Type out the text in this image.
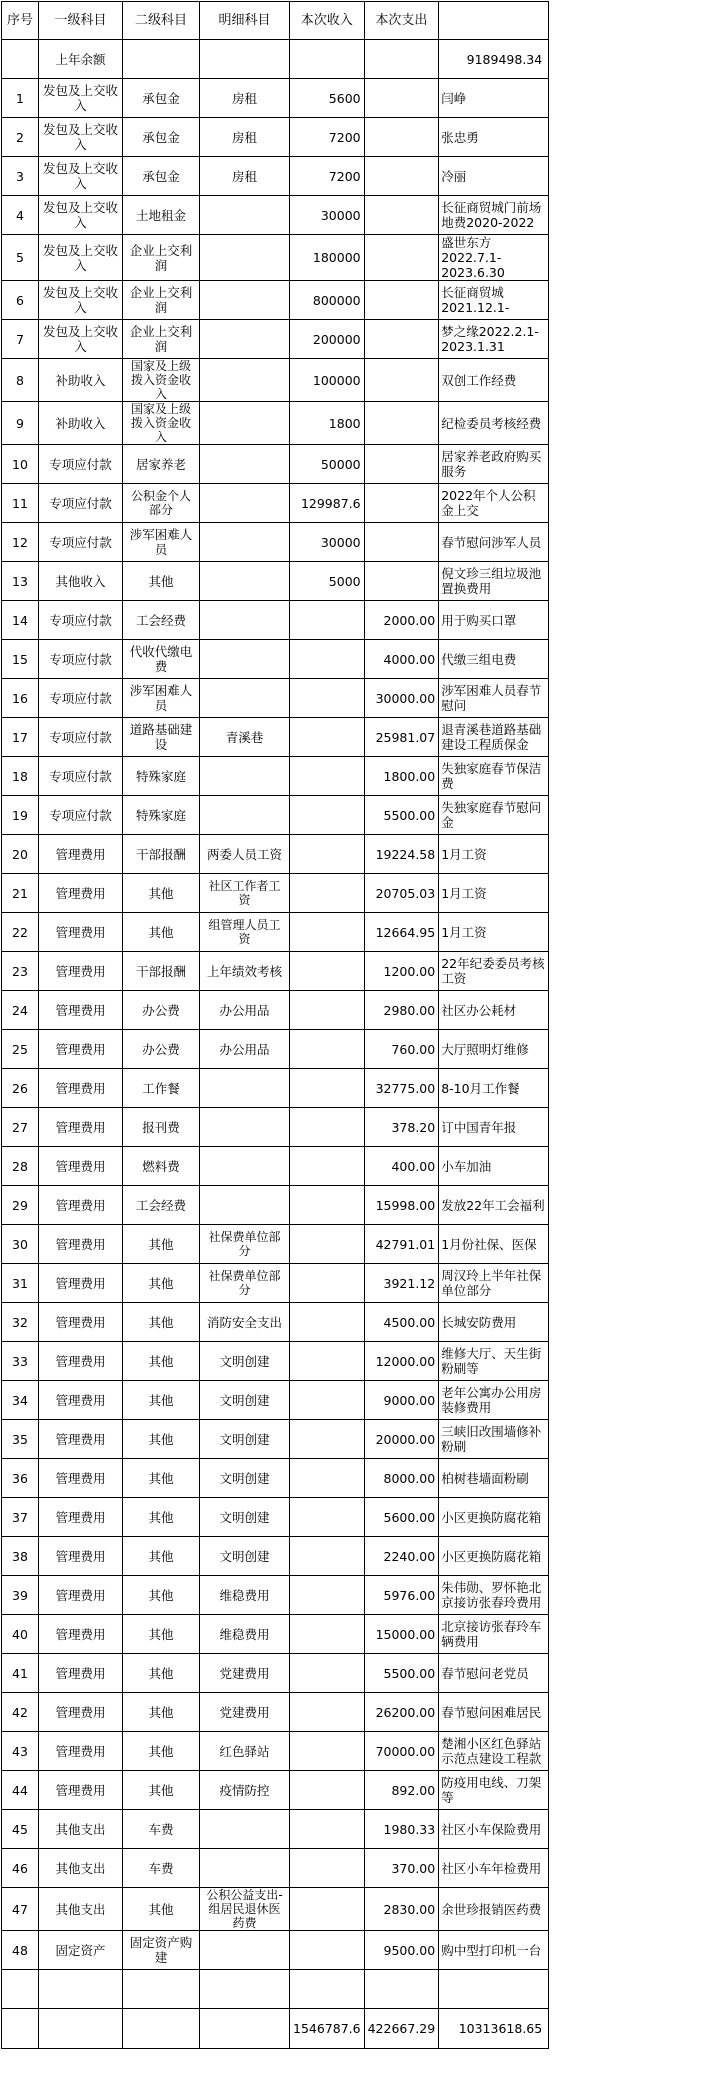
序号	一级科目	二级科目	明细科目	本次收入	本次支出	
	上年余额					9189498.34
1	发包及上交收入	承包金	房租	5600		闫峥
2	发包及上交收入	承包金	房租	7200		张忠勇
3	发包及上交收入	承包金	房租	7200		冷丽
4	发包及上交收入	土地租金		30000		长征商贸城门前场地费2020-2022
5	发包及上交收入	企业上交利润		180000		盛世东方2022.7.1-2023.6.30
6	发包及上交收入	企业上交利润		800000		长征商贸城2021.12.1-
7	发包及上交收入	企业上交利润		200000		梦之缘2022.2.1-2023.1.31
8	补助收入	国家及上级拨入资金收入		100000		双创工作经费
9	补助收入	国家及上级拨入资金收入		1800		纪检委员考核经费
10	专项应付款	居家养老		50000		居家养老政府购买服务
11	专项应付款	公积金个人部分		129987.6		2022年个人公积金上交
12	专项应付款	涉军困难人员		30000		春节慰问涉军人员
13	其他收入	其他		5000		倪文珍三组垃圾池置换费用
14	专项应付款	工会经费			2000.00	用于购买口罩
15	专项应付款	代收代缴电费			4000.00	代缴三组电费
16	专项应付款	涉军困难人员			30000.00	涉军困难人员春节慰问
17	专项应付款	道路基础建设	青溪巷		25981.07	退青溪巷道路基础建设工程质保金
18	专项应付款	特殊家庭			1800.00	失独家庭春节保洁费
19	专项应付款	特殊家庭			5500.00	失独家庭春节慰问金
20	管理费用	干部报酬	两委人员工资		19224.58	1月工资
21	管理费用	其他	社区工作者工资		20705.03	1月工资
22	管理费用	其他	组管理人员工资		12664.95	1月工资
23	管理费用	干部报酬	上年绩效考核		1200.00	22年纪委委员考核工资
24	管理费用	办公费	办公用品		2980.00	社区办公耗材
25	管理费用	办公费	办公用品		760.00	大厅照明灯维修
26	管理费用	工作餐			32775.00	8-10月工作餐
27	管理费用	报刊费			378.20	订中国青年报
28	管理费用	燃料费			400.00	小车加油
29	管理费用	工会经费			15998.00	发放22年工会福利
30	管理费用	其他	社保费单位部分		42791.01	1月份社保、医保
31	管理费用	其他	社保费单位部分		3921.12	周汉玲上半年社保单位部分
32	管理费用	其他	消防安全支出		4500.00	长城安防费用
33	管理费用	其他	文明创建		12000.00	维修大厅、天生街粉刷等
34	管理费用	其他	文明创建		9000.00	老年公寓办公用房装修费用
35	管理费用	其他	文明创建		20000.00	三峡旧改围墙修补粉刷
36	管理费用	其他	文明创建		8000.00	柏树巷墙面粉刷
37	管理费用	其他	文明创建		5600.00	小区更换防腐花箱
38	管理费用	其他	文明创建		2240.00	小区更换防腐花箱
39	管理费用	其他	维稳费用		5976.00	朱伟勋、罗怀艳北京接访张春玲费用
40	管理费用	其他	维稳费用		15000.00	北京接访张春玲车辆费用
41	管理费用	其他	党建费用		5500.00	春节慰问老党员
42	管理费用	其他	党建费用		26200.00	春节慰问困难居民
43	管理费用	其他	红色驿站		70000.00	楚湘小区红色驿站示范点建设工程款
44	管理费用	其他	疫情防控		892.00	防疫用电线、刀架等
45	其他支出	车费			1980.33	社区小车保险费用
46	其他支出	车费			370.00	社区小车年检费用
47	其他支出	其他	公积公益支出-组居民退休医药费		2830.00	余世珍报销医药费
48	固定资产	固定资产购建			9500.00	购中型打印机一台

				1546787.6	422667.29	10313618.65
